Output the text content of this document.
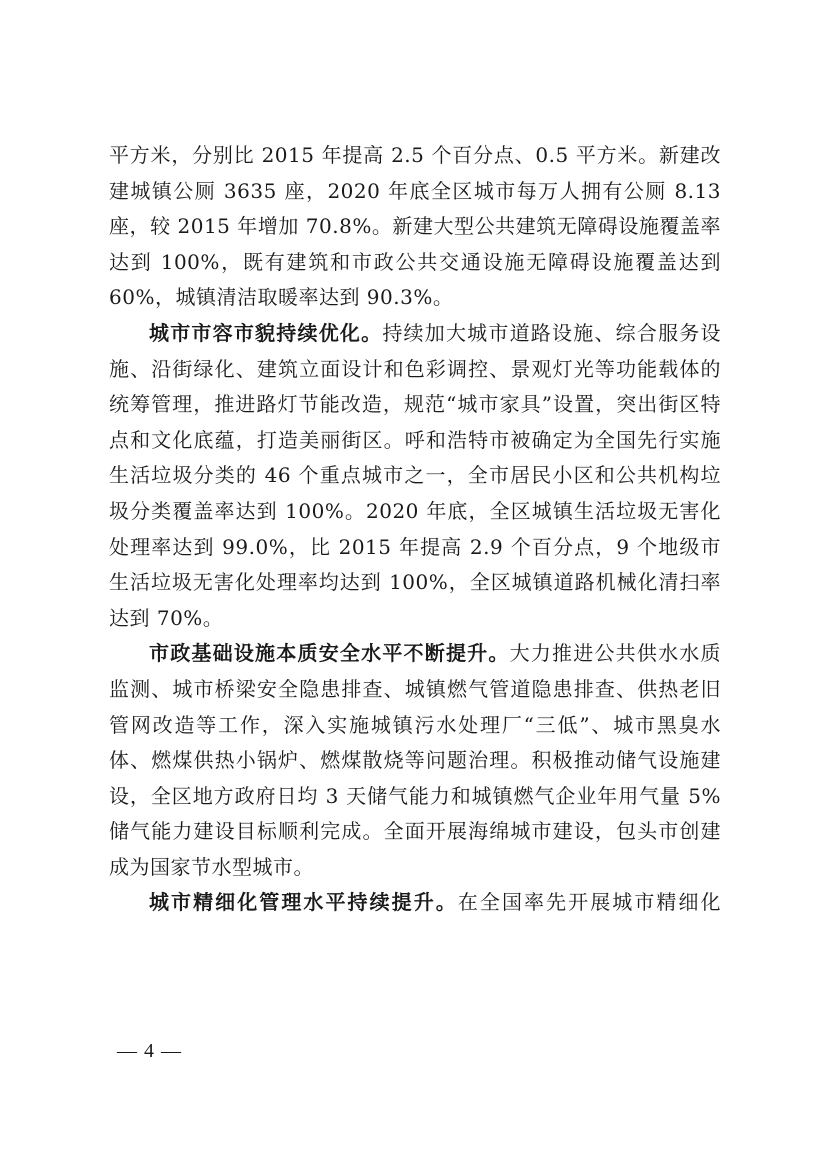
平方米，分别比 2015 年提高 2.5 个百分点、0.5 平方米。新建改建城镇公厕 3635 座，2020 年底全区城市每万人拥有公厕 8.13 座，较 2015 年增加 70.8%。新建大型公共建筑无障碍设施覆盖率达到 100%，既有建筑和市政公共交通设施无障碍设施覆盖达到 60%，城镇清洁取暖率达到 90.3%。

城市市容市貌持续优化。持续加大城市道路设施、综合服务设施、沿街绿化、建筑立面设计和色彩调控、景观灯光等功能载体的统筹管理，推进路灯节能改造，规范“城市家具”设置，突出街区特点和文化底蕴，打造美丽街区。呼和浩特市被确定为全国先行实施生活垃圾分类的 46 个重点城市之一，全市居民小区和公共机构垃圾分类覆盖率达到 100%。2020 年底，全区城镇生活垃圾无害化处理率达到 99.0%，比 2015 年提高 2.9 个百分点，9 个地级市生活垃圾无害化处理率均达到 100%，全区城镇道路机械化清扫率达到 70%。

市政基础设施本质安全水平不断提升。大力推进公共供水水质监测、城市桥梁安全隐患排查、城镇燃气管道隐患排查、供热老旧管网改造等工作，深入实施城镇污水处理厂“三低”、城市黑臭水体、燃煤供热小锅炉、燃煤散烧等问题治理。积极推动储气设施建设，全区地方政府日均 3 天储气能力和城镇燃气企业年用气量 5%储气能力建设目标顺利完成。全面开展海绵城市建设，包头市创建成为国家节水型城市。

城市精细化管理水平持续提升。在全国率先开展城市精细化

— 4 —
